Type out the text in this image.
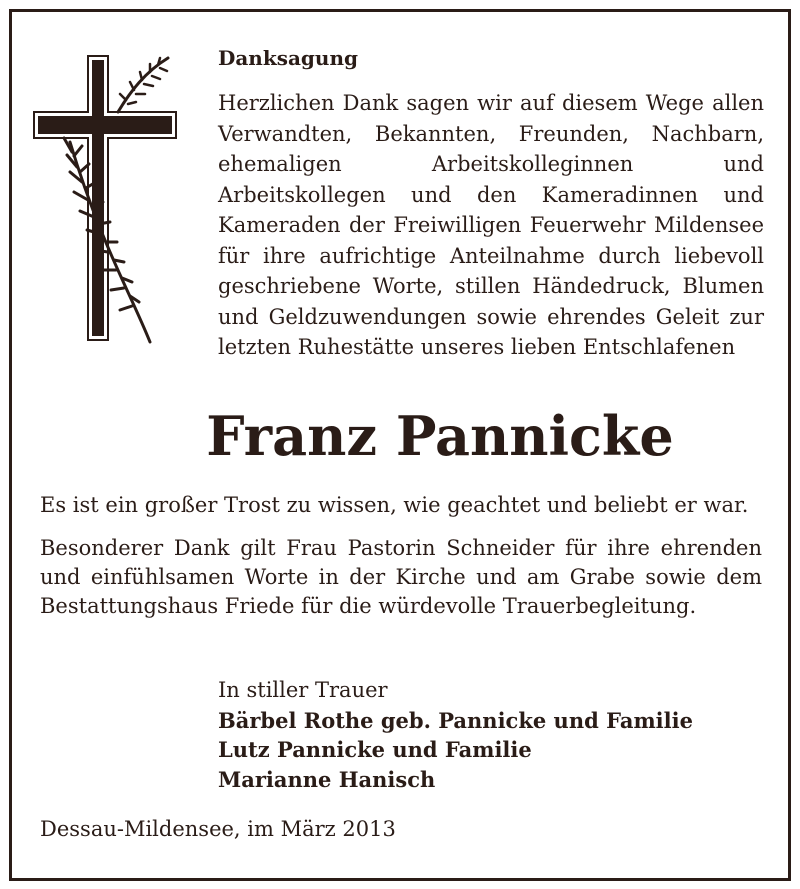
Danksagung
Herzlichen Dank sagen wir auf diesem Wege allen Verwandten, Bekannten, Freunden, Nachbarn, ehemaligen Arbeitskolleginnen und Arbeitskollegen und den Kameradinnen und Kameraden der Freiwilligen Feuerwehr Mildensee für ihre aufrichtige Anteilnahme durch liebevoll geschriebene Worte, stillen Händedruck, Blumen und Geldzuwendungen sowie ehrendes Geleit zur letzten Ruhestätte unseres lieben Entschlafenen
Franz Pannicke
Es ist ein großer Trost zu wissen, wie geachtet und beliebt er war.
Besonderer Dank gilt Frau Pastorin Schneider für ihre ehrenden und einfühlsamen Worte in der Kirche und am Grabe sowie dem Bestattungshaus Friede für die würdevolle Trauerbegleitung.
In stiller Trauer
Bärbel Rothe geb. Pannicke und Familie
Lutz Pannicke und Familie
Marianne Hanisch
Dessau-Mildensee, im März 2013
